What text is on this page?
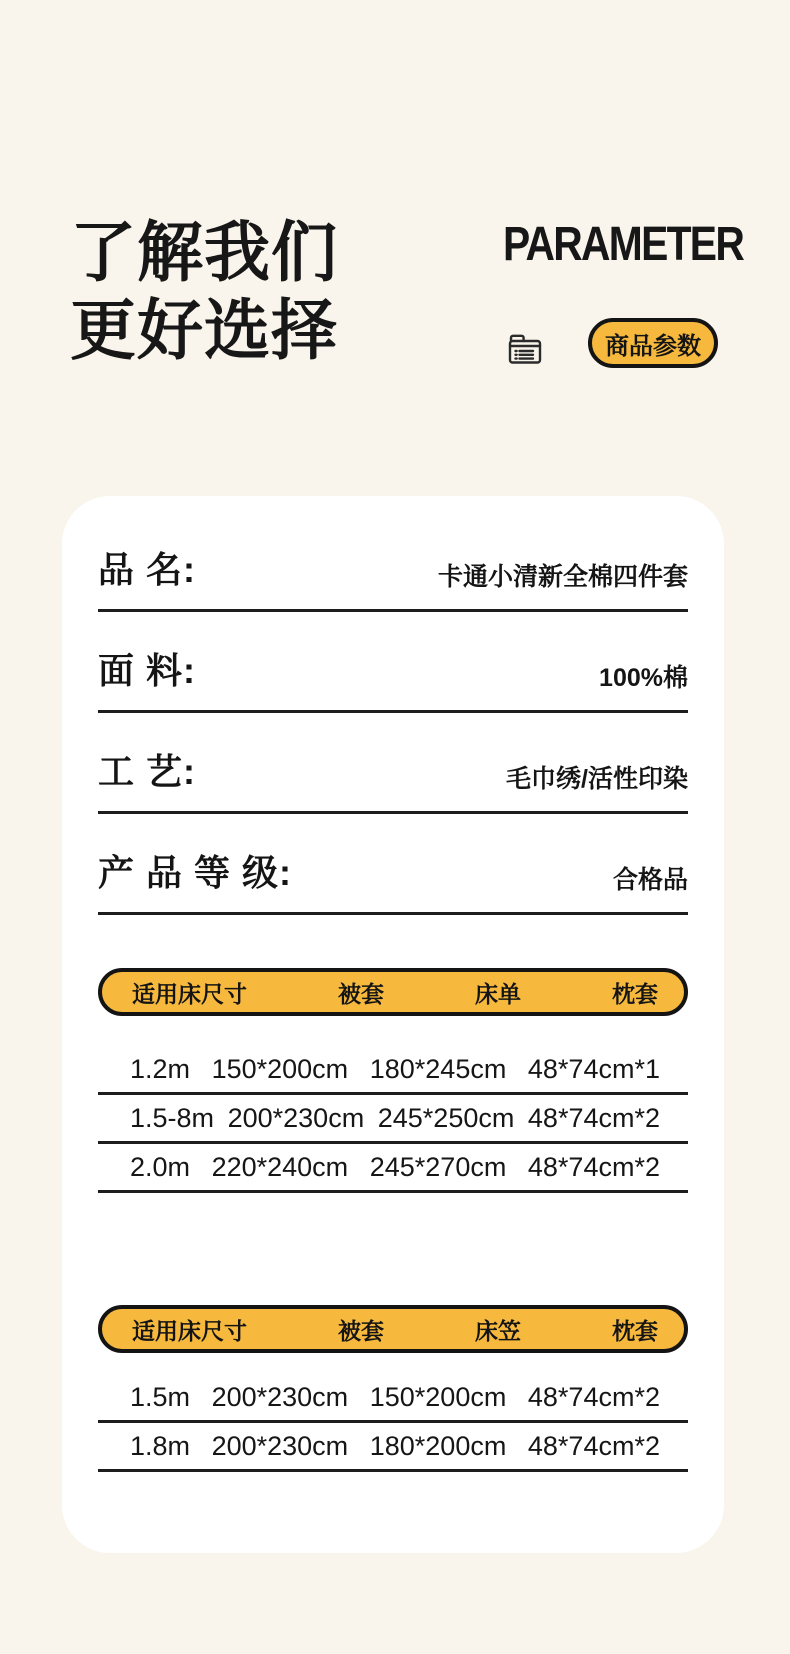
了解我们
更好选择
PARAMETER
商品参数
品 名:	卡通小清新全棉四件套
面 料:	100%棉
工 艺:	毛巾绣/活性印染
产 品 等 级:	合格品
适用床尺寸	被套	床单	枕套
1.2m 150*200cm 180*245cm 48*74cm*1
1.5-8m 200*230cm 245*250cm 48*74cm*2
2.0m 220*240cm 245*270cm 48*74cm*2
适用床尺寸	被套	床笠	枕套
1.5m 200*230cm 150*200cm 48*74cm*2
1.8m 200*230cm 180*200cm 48*74cm*2
